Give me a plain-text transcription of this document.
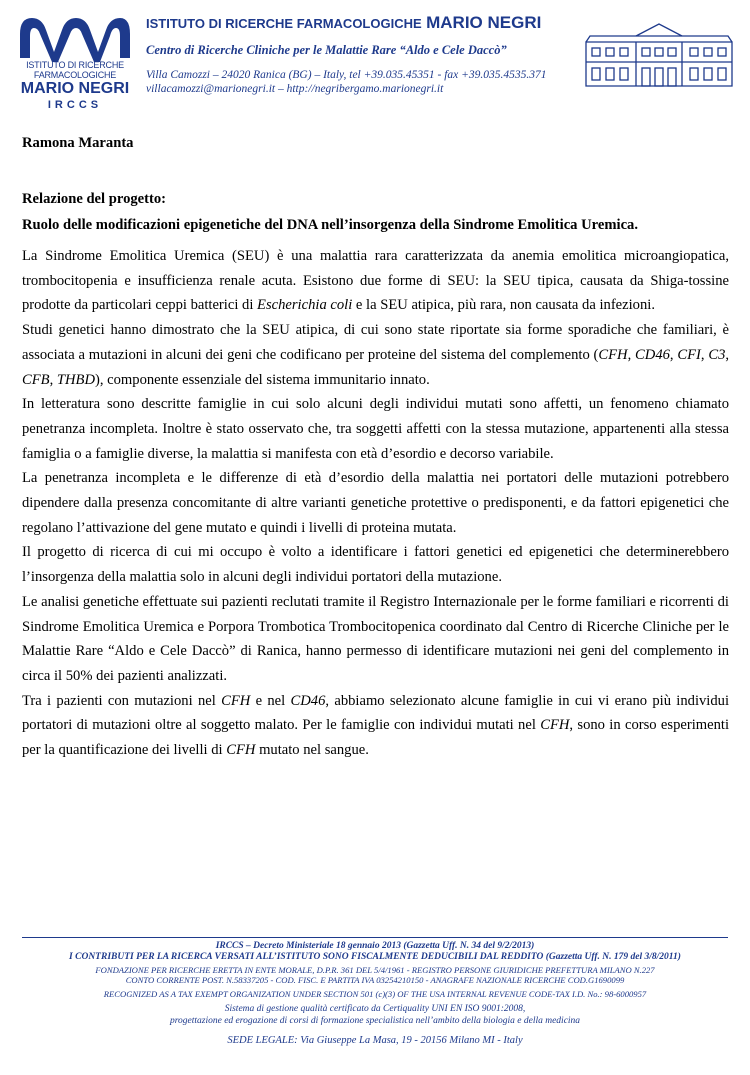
ISTITUTO DI RICERCHE
FARMACOLOGICHE
MARIO NEGRI
IRCCS
ISTITUTO DI RICERCHE FARMACOLOGICHE MARIO NEGRI
Centro di Ricerche Cliniche per le Malattie Rare “Aldo e Cele Daccò”
Villa Camozzi – 24020 Ranica (BG) – Italy, tel +39.035.45351 - fax +39.035.4535.371
villacamozzi@marionegri.it – http://negribergamo.marionegri.it
Ramona Maranta
Relazione del progetto:
Ruolo delle modificazioni epigenetiche del DNA nell’insorgenza della Sindrome Emolitica Uremica.

La Sindrome Emolitica Uremica (SEU) è una malattia rara caratterizzata da anemia emolitica microangiopatica, trombocitopenia e insufficienza renale acuta. Esistono due forme di SEU: la SEU tipica, causata da Shiga-tossine prodotte da particolari ceppi batterici di Escherichia coli e la SEU atipica, più rara, non causata da infezioni.

Studi genetici hanno dimostrato che la SEU atipica, di cui sono state riportate sia forme sporadiche che familiari, è associata a mutazioni in alcuni dei geni che codificano per proteine del sistema del complemento (CFH, CD46, CFI, C3, CFB, THBD), componente essenziale del sistema immunitario innato.

In letteratura sono descritte famiglie in cui solo alcuni degli individui mutati sono affetti, un fenomeno chiamato penetranza incompleta. Inoltre è stato osservato che, tra soggetti affetti con la stessa mutazione, appartenenti alla stessa famiglia o a famiglie diverse, la malattia si manifesta con età d’esordio e decorso variabile.

La penetranza incompleta e le differenze di età d’esordio della malattia nei portatori delle mutazioni potrebbero dipendere dalla presenza concomitante di altre varianti genetiche protettive o predisponenti, e da fattori epigenetici che regolano l’attivazione del gene mutato e quindi i livelli di proteina mutata.

Il progetto di ricerca di cui mi occupo è volto a identificare i fattori genetici ed epigenetici che determinerebbero l’insorgenza della malattia solo in alcuni degli individui portatori della mutazione.

Le analisi genetiche effettuate sui pazienti reclutati tramite il Registro Internazionale per le forme familiari e ricorrenti di Sindrome Emolitica Uremica e Porpora Trombotica Trombocitopenica coordinato dal Centro di Ricerche Cliniche per le Malattie Rare “Aldo e Cele Daccò” di Ranica, hanno permesso di identificare mutazioni nei geni del complemento in circa il 50% dei pazienti analizzati.

Tra i pazienti con mutazioni nel CFH e nel CD46, abbiamo selezionato alcune famiglie in cui vi erano più individui portatori di mutazioni oltre al soggetto malato. Per le famiglie con individui mutati nel CFH, sono in corso esperimenti per la quantificazione dei livelli di CFH mutato nel sangue.

IRCCS – Decreto Ministeriale 18 gennaio 2013 (Gazzetta Uff. N. 34 del 9/2/2013)
I CONTRIBUTI PER LA RICERCA VERSATI ALL’ISTITUTO SONO FISCALMENTE DEDUCIBILI DAL REDDITO (Gazzetta Uff. N. 179 del 3/8/2011)
FONDAZIONE PER RICERCHE ERETTA IN ENTE MORALE, D.P.R. 361 DEL 5/4/1961 - REGISTRO PERSONE GIURIDICHE PREFETTURA MILANO N.227
CONTO CORRENTE POST. N.58337205 - COD. FISC. E PARTITA IVA 03254210150 - ANAGRAFE NAZIONALE RICERCHE COD.G1690099
RECOGNIZED AS A TAX EXEMPT ORGANIZATION UNDER SECTION 501 (c)(3) OF THE USA INTERNAL REVENUE CODE-TAX I.D. No.: 98-6000957
Sistema di gestione qualità certificato da Certiquality UNI EN ISO 9001:2008,
progettazione ed erogazione di corsi di formazione specialistica nell’ambito della biologia e della medicina
SEDE LEGALE: Via Giuseppe La Masa, 19 - 20156 Milano MI - Italy
